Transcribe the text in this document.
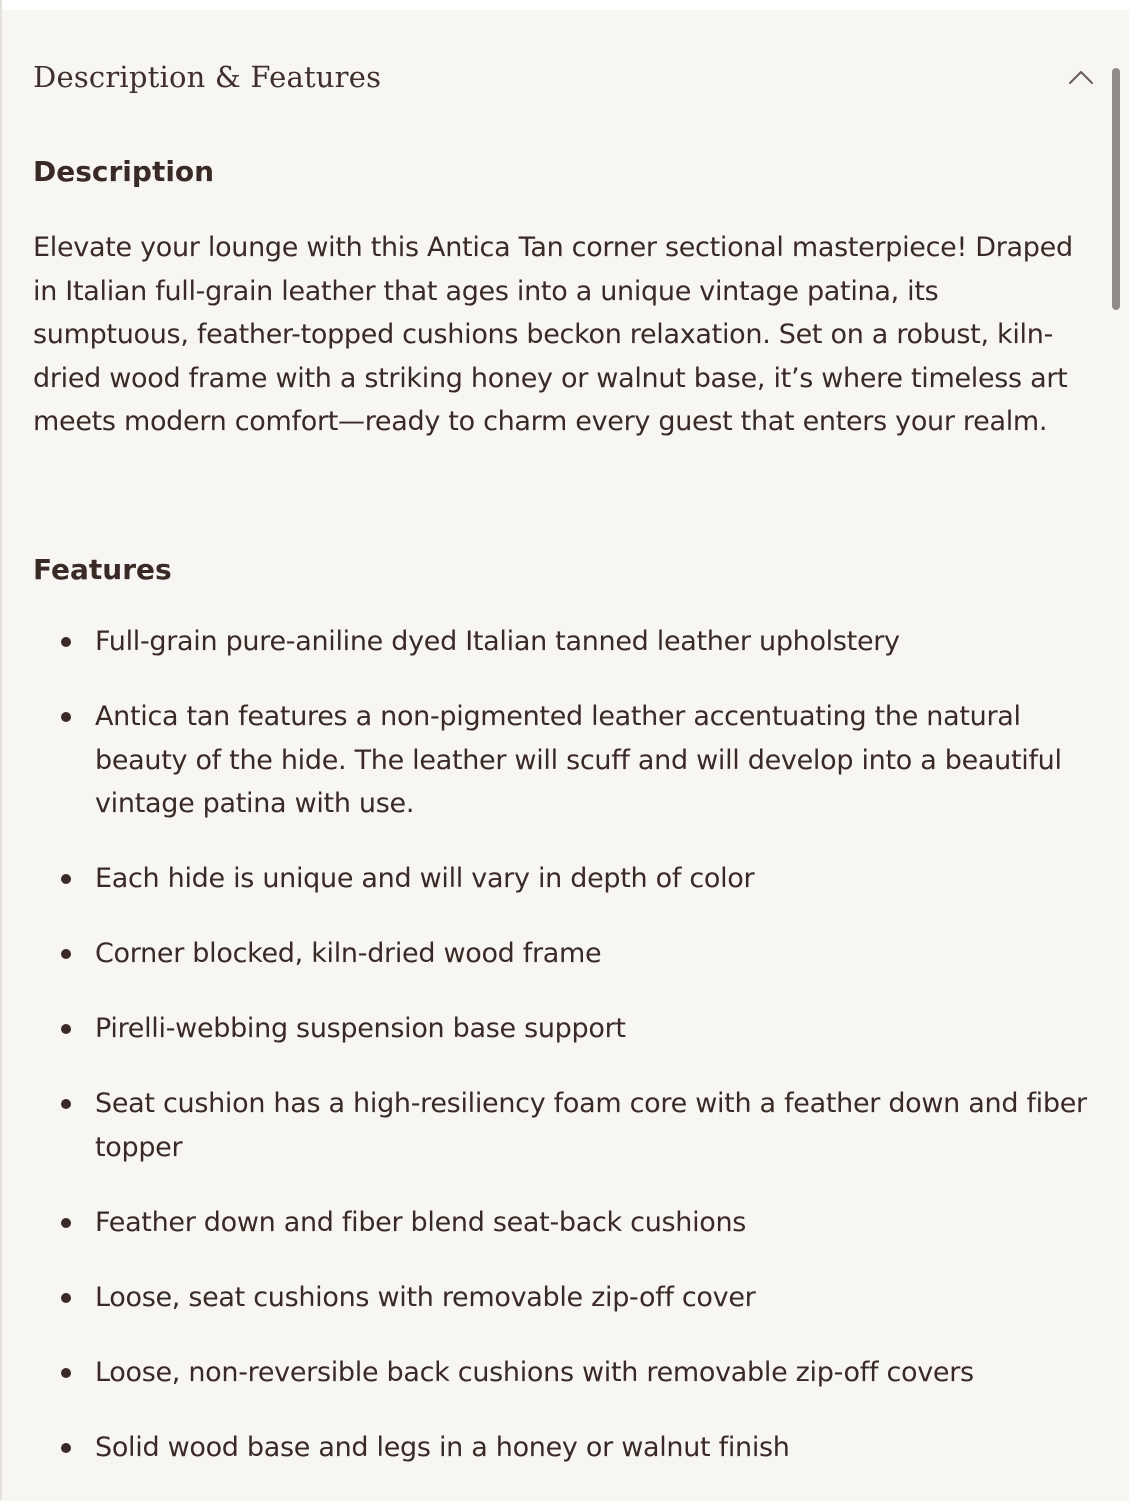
Description & Features
Description

Elevate your lounge with this Antica Tan corner sectional masterpiece! Draped in Italian full-grain leather that ages into a unique vintage patina, its sumptuous, feather-topped cushions beckon relaxation. Set on a robust, kiln-dried wood frame with a striking honey or walnut base, it’s where timeless art meets modern comfort—ready to charm every guest that enters your realm.

Features
Full-grain pure-aniline dyed Italian tanned leather upholstery
Antica tan features a non-pigmented leather accentuating the natural beauty of the hide. The leather will scuff and will develop into a beautiful vintage patina with use.
Each hide is unique and will vary in depth of color
Corner blocked, kiln-dried wood frame
Pirelli-webbing suspension base support
Seat cushion has a high-resiliency foam core with a feather down and fiber topper
Feather down and fiber blend seat-back cushions
Loose, seat cushions with removable zip-off cover
Loose, non-reversible back cushions with removable zip-off covers
Solid wood base and legs in a honey or walnut finish
